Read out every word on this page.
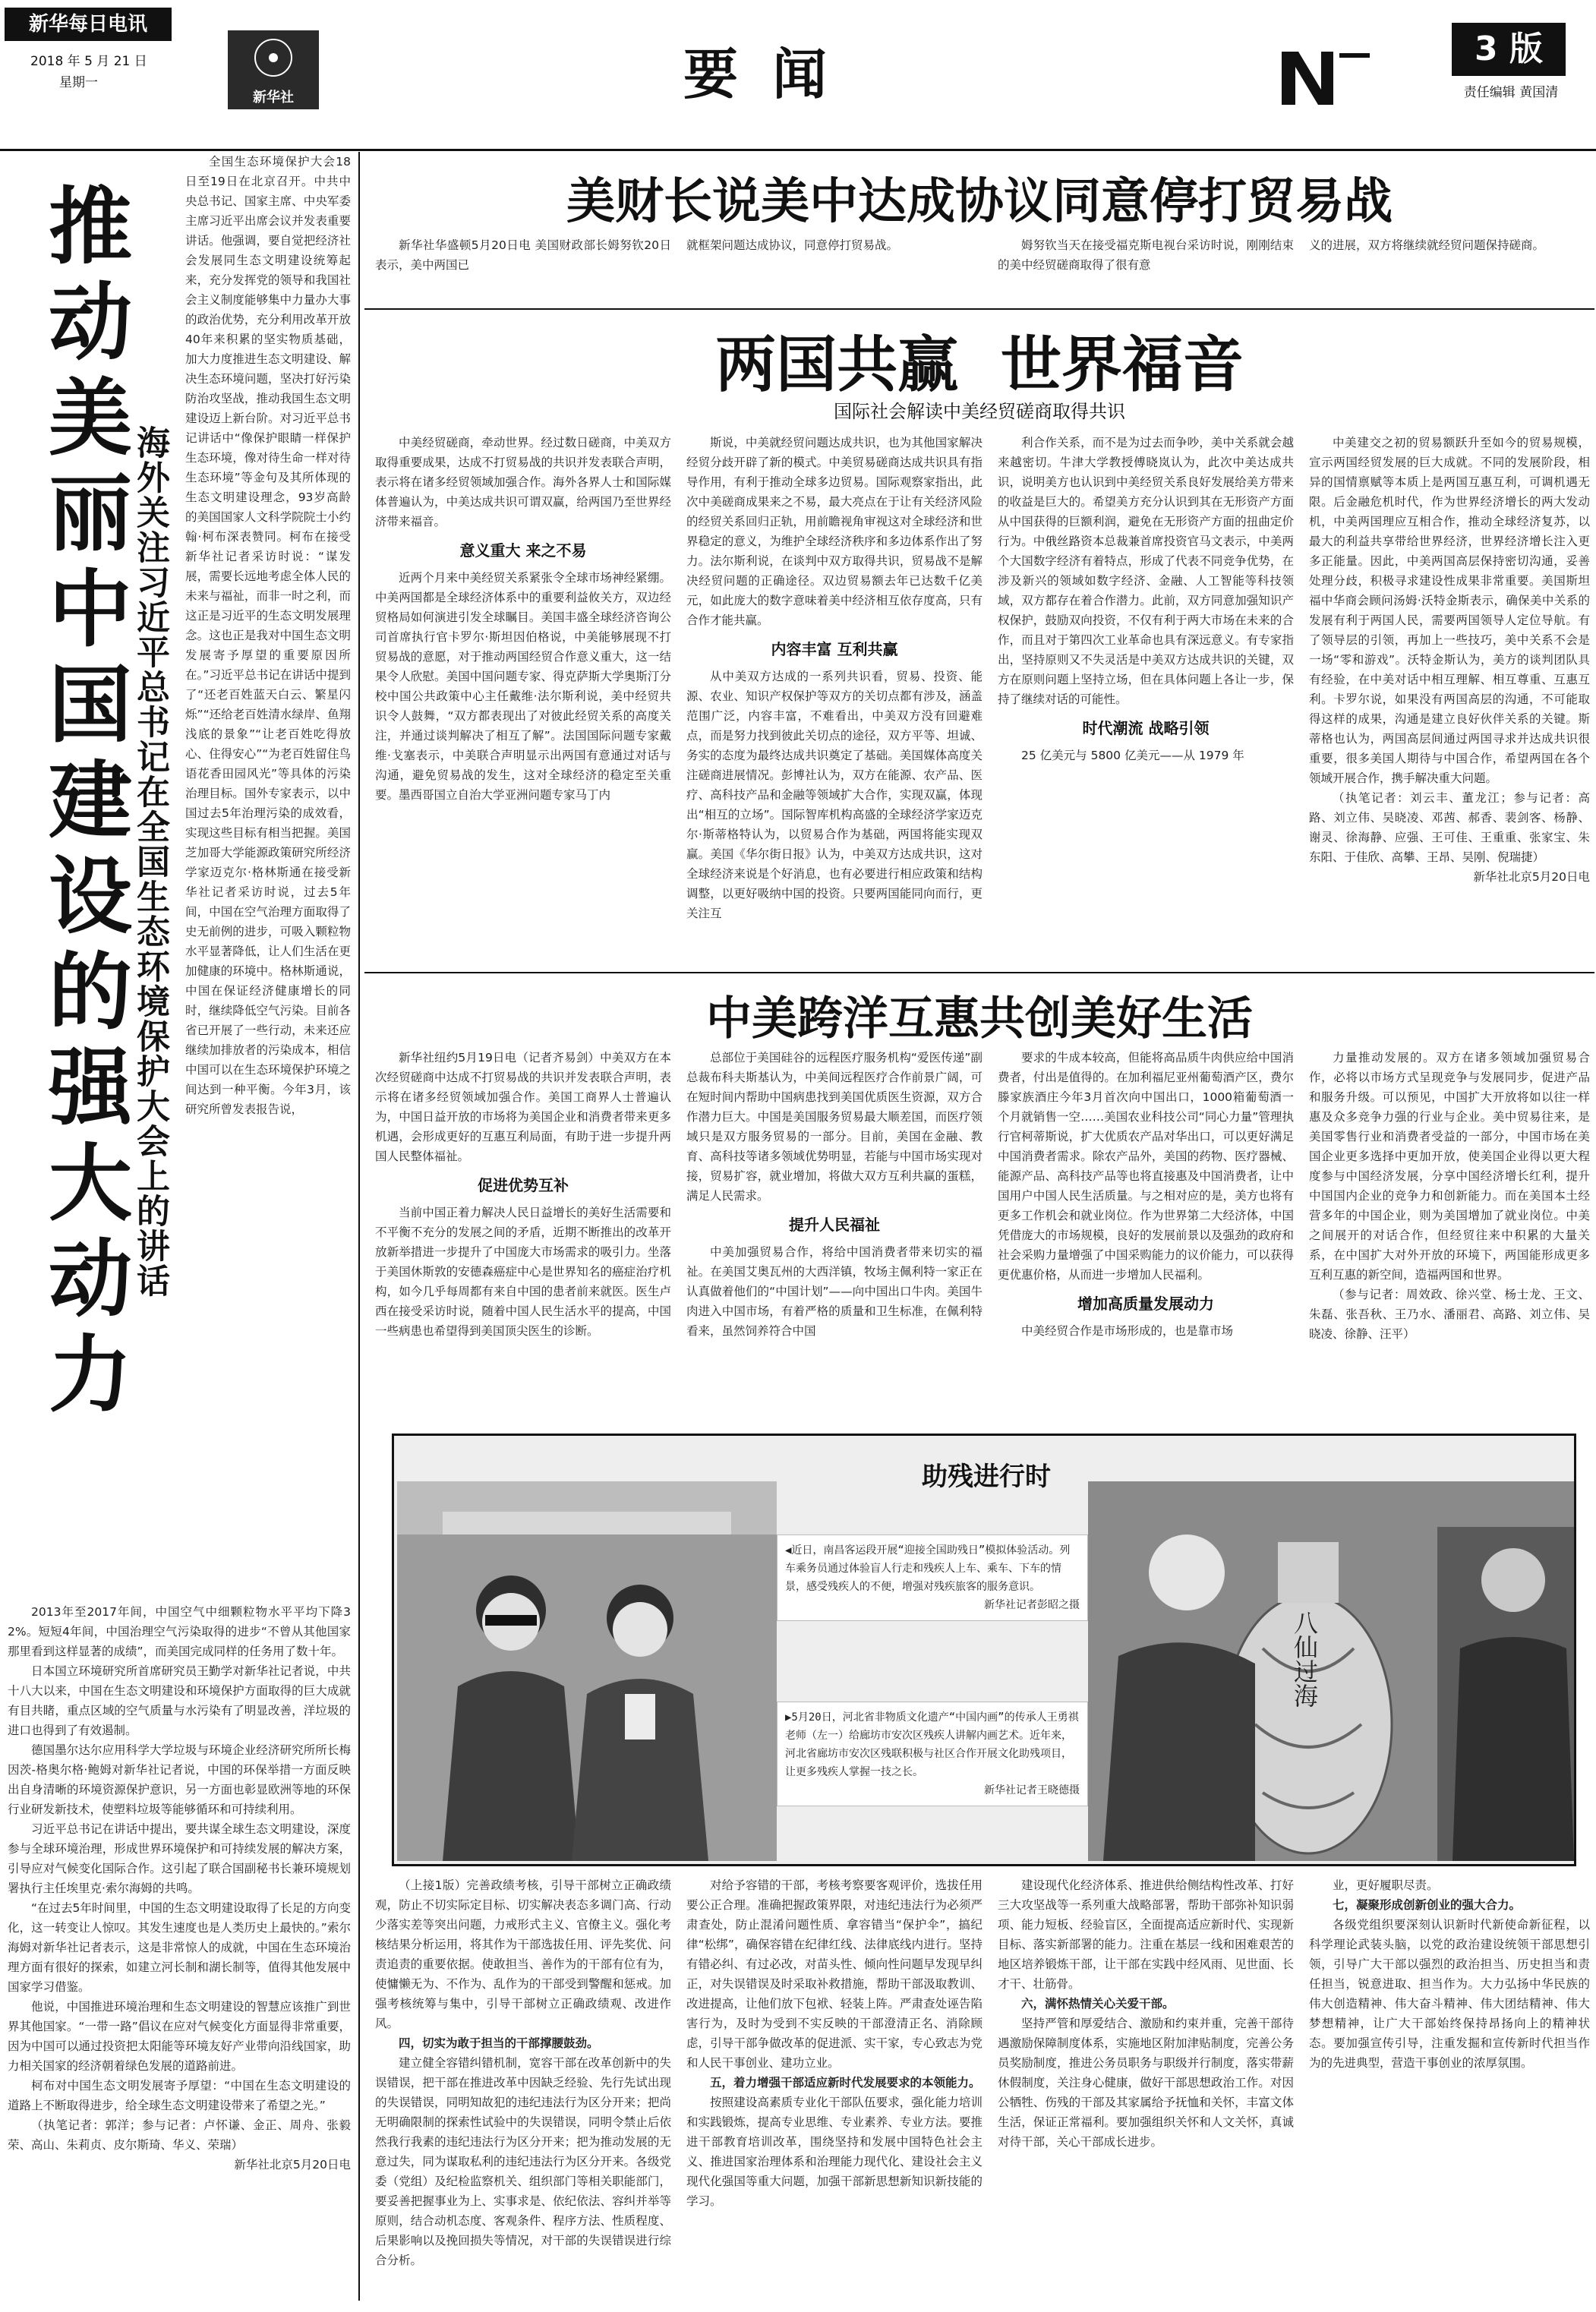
新华每日电讯
2018 年 5 月 21 日
星期一
新华社	要 闻	3 版
责任编辑 黄国清
推动美丽中国建设的强大动力
海外关注习近平总书记在全国生态环境保护大会上的讲话

全国生态环境保护大会18日至19日在北京召开。中共中央总书记、国家主席、中央军委主席习近平出席会议并发表重要讲话。他强调，要自觉把经济社会发展同生态文明建设统筹起来，充分发挥党的领导和我国社会主义制度能够集中力量办大事的政治优势，充分利用改革开放40年来积累的坚实物质基础，加大力度推进生态文明建设、解决生态环境问题，坚决打好污染防治攻坚战，推动我国生态文明建设迈上新台阶。对习近平总书记讲话中“像保护眼睛一样保护生态环境，像对待生命一样对待生态环境”等金句及其所体现的生态文明建设理念，93岁高龄的美国国家人文科学院院士小约翰·柯布深表赞同。柯布在接受新华社记者采访时说：“谋发展，需要长远地考虑全体人民的未来与福祉，而非一时之利，而这正是习近平的生态文明发展理念。这也正是我对中国生态文明发展寄予厚望的重要原因所在。”习近平总书记在讲话中提到了“还老百姓蓝天白云、繁星闪烁”“还给老百姓清水绿岸、鱼翔浅底的景象”“让老百姓吃得放心、住得安心”“为老百姓留住鸟语花香田园风光”等具体的污染治理目标。国外专家表示，以中国过去5年治理污染的成效看，实现这些目标有相当把握。美国芝加哥大学能源政策研究所经济学家迈克尔·格林斯通在接受新华社记者采访时说，过去5年间，中国在空气治理方面取得了史无前例的进步，可吸入颗粒物水平显著降低，让人们生活在更加健康的环境中。格林斯通说，中国在保证经济健康增长的同时，继续降低空气污染。目前各省已开展了一些行动，未来还应继续加排放者的污染成本，相信中国可以在生态环境保护环境之间达到一种平衡。今年3月，该研究所曾发表报告说，

2013年至2017年间，中国空气中细颗粒物水平平均下降32%。短短4年间，中国治理空气污染取得的进步“不曾从其他国家那里看到这样显著的成绩”，而美国完成同样的任务用了数十年。

日本国立环境研究所首席研究员王勤学对新华社记者说，中共十八大以来，中国在生态文明建设和环境保护方面取得的巨大成就有目共睹，重点区域的空气质量与水污染有了明显改善，洋垃圾的进口也得到了有效遏制。

德国墨尔达尔应用科学大学垃圾与环境企业经济研究所所长梅因茨-格奥尔格·鲍姆对新华社记者说，中国的环保举措一方面反映出自身清晰的环境资源保护意识，另一方面也彰显欧洲等地的环保行业研发新技术，使塑料垃圾等能够循环和可持续利用。

习近平总书记在讲话中提出，要共谋全球生态文明建设，深度参与全球环境治理，形成世界环境保护和可持续发展的解决方案，引导应对气候变化国际合作。这引起了联合国副秘书长兼环境规划署执行主任埃里克·索尔海姆的共鸣。

“在过去5年时间里，中国的生态文明建设取得了长足的方向变化，这一转变让人惊叹。其发生速度也是人类历史上最快的。”索尔海姆对新华社记者表示，这是非常惊人的成就，中国在生态环境治理方面有很好的探索，如建立河长制和湖长制等，值得其他发展中国家学习借鉴。

他说，中国推进环境治理和生态文明建设的智慧应该推广到世界其他国家。“一带一路”倡议在应对气候变化方面显得非常重要，因为中国可以通过投资把太阳能等环境友好产业带向沿线国家，助力相关国家的经济朝着绿色发展的道路前进。

柯布对中国生态文明发展寄予厚望：“中国在生态文明建设的道路上不断取得进步，给全球生态文明建设带来了希望之光。”

（执笔记者：郭洋；参与记者：卢怀谦、金正、周舟、张毅荣、高山、朱莉贞、皮尔斯琦、华义、荣瑞）

新华社北京5月20日电

美财长说美中达成协议同意停打贸易战

新华社华盛顿5月20日电 美国财政部长姆努钦20日表示，美中两国已

就框架问题达成协议，同意停打贸易战。	姆努钦当天在接受福克斯电视台采访时说，刚刚结束的美中经贸磋商取得了很有意

义的进展，双方将继续就经贸问题保持磋商。

两国共赢  世界福音
国际社会解读中美经贸磋商取得共识

中美经贸磋商，牵动世界。经过数日磋商，中美双方取得重要成果，达成不打贸易战的共识并发表联合声明，表示将在诸多经贸领域加强合作。海外各界人士和国际媒体普遍认为，中美达成共识可谓双赢，给两国乃至世界经济带来福音。

意义重大 来之不易

近两个月来中美经贸关系紧张令全球市场神经紧绷。中美两国都是全球经济体系中的重要利益攸关方，双边经贸格局如何演进引发全球瞩目。美国丰盛全球经济咨询公司首席执行官卡罗尔·斯坦因伯格说，中美能够展现不打贸易战的意愿，对于推动两国经贸合作意义重大，这一结果令人欣慰。美国中国问题专家、得克萨斯大学奥斯汀分校中国公共政策中心主任戴维·法尔斯利说，美中经贸共识令人鼓舞，“双方都表现出了对彼此经贸关系的高度关注，并通过谈判解决了相互了解”。法国国际问题专家戴维·戈塞表示，中美联合声明显示出两国有意通过对话与沟通，避免贸易战的发生，这对全球经济的稳定至关重要。墨西哥国立自治大学亚洲问题专家马丁内

斯说，中美就经贸问题达成共识，也为其他国家解决经贸分歧开辟了新的模式。中美贸易磋商达成共识具有指导作用，有利于推动全球多边贸易。国际观察家指出，此次中美磋商成果来之不易，最大亮点在于让有关经济风险的经贸关系回归正轨，用前瞻视角审视这对全球经济和世界稳定的意义，为维护全球经济秩序和多边体系作出了努力。法尔斯利说，在谈判中双方取得共识，贸易战不是解决经贸问题的正确途径。双边贸易额去年已达数千亿美元，如此庞大的数字意味着美中经济相互依存度高，只有合作才能共赢。

内容丰富 互利共赢

从中美双方达成的一系列共识看，贸易、投资、能源、农业、知识产权保护等双方的关切点都有涉及，涵盖范围广泛，内容丰富，不难看出，中美双方没有回避难点，而是努力找到彼此关切点的途径，双方平等、坦诚、务实的态度为最终达成共识奠定了基础。美国媒体高度关注磋商进展情况。彭博社认为，双方在能源、农产品、医疗、高科技产品和金融等领域扩大合作，实现双赢，体现出“相互的立场”。国际智库机构高盛的全球经济学家迈克尔·斯蒂格特认为，以贸易合作为基础，两国将能实现双赢。美国《华尔街日报》认为，中美双方达成共识，这对全球经济来说是个好消息，也有必要进行相应政策和结构调整，以更好吸纳中国的投资。只要两国能同向而行，更关注互

利合作关系，而不是为过去而争吵，美中关系就会越来越密切。牛津大学教授傅晓岚认为，此次中美达成共识，说明美方也认识到中美经贸关系良好发展给美方带来的收益是巨大的。希望美方充分认识到其在无形资产方面从中国获得的巨额利润，避免在无形资产方面的扭曲定价行为。中俄丝路资本总裁兼首席投资官马文表示，中美两个大国数字经济有着特点，形成了代表不同竞争优势，在涉及新兴的领域如数字经济、金融、人工智能等科技领域，双方都存在着合作潜力。此前，双方同意加强知识产权保护，鼓励双向投资，不仅有利于两大市场在未来的合作，而且对于第四次工业革命也具有深远意义。有专家指出，坚持原则又不失灵活是中美双方达成共识的关键，双方在原则问题上坚持立场，但在具体问题上各让一步，保持了继续对话的可能性。

时代潮流 战略引领

25 亿美元与 5800 亿美元——从 1979 年

中美建交之初的贸易额跃升至如今的贸易规模，宣示两国经贸发展的巨大成就。不同的发展阶段，相异的国情禀赋等本质上是两国互惠互利，可调机遇无限。后金融危机时代，作为世界经济增长的两大发动机，中美两国理应互相合作，推动全球经济复苏，以最大的利益共享带给世界经济，世界经济增长注入更多正能量。因此，中美两国高层保持密切沟通，妥善处理分歧，积极寻求建设性成果非常重要。美国斯坦福中华商会顾问汤姆·沃特金斯表示，确保美中关系的发展有利于两国人民，需要两国领导人定位导航。有了领导层的引领，再加上一些技巧，美中关系不会是一场“零和游戏”。沃特金斯认为，美方的谈判团队具有经验，在中美对话中相互理解、相互尊重、互惠互利。卡罗尔说，如果没有两国高层的沟通，不可能取得这样的成果，沟通是建立良好伙伴关系的关键。斯蒂格也认为，两国高层间通过两国寻求并达成共识很重要，很多美国人期待与中国合作，希望两国在各个领域开展合作，携手解决重大问题。

（执笔记者：刘云丰、董龙江；参与记者：高路、刘立伟、吴晓凌、邓茜、郝香、裴剑客、杨静、谢灵、徐海静、应强、王可佳、王重重、张家宝、朱东阳、于佳欣、高攀、王昂、吴刚、倪瑞捷）

新华社北京5月20日电

中美跨洋互惠共创美好生活

新华社纽约5月19日电（记者齐易剑）中美双方在本次经贸磋商中达成不打贸易战的共识并发表联合声明，表示将在诸多经贸领域加强合作。美国工商界人士普遍认为，中国日益开放的市场将为美国企业和消费者带来更多机遇，会形成更好的互惠互利局面，有助于进一步提升两国人民整体福祉。

促进优势互补

当前中国正着力解决人民日益增长的美好生活需要和不平衡不充分的发展之间的矛盾，近期不断推出的改革开放新举措进一步提升了中国庞大市场需求的吸引力。坐落于美国休斯敦的安德森癌症中心是世界知名的癌症治疗机构，如今几乎每周都有来自中国的患者前来就医。医生卢西在接受采访时说，随着中国人民生活水平的提高，中国一些病患也希望得到美国顶尖医生的诊断。

总部位于美国硅谷的远程医疗服务机构“爱医传递”副总裁布科夫斯基认为，中美间远程医疗合作前景广阔，可在短时间内帮助中国病患找到美国优质医生资源，双方合作潜力巨大。中国是美国服务贸易最大顺差国，而医疗领域只是双方服务贸易的一部分。目前，美国在金融、教育、高科技等诸多领域优势明显，若能与中国市场实现对接，贸易扩容，就业增加，将做大双方互利共赢的蛋糕，满足人民需求。

提升人民福祉

中美加强贸易合作，将给中国消费者带来切实的福祉。在美国艾奥瓦州的大西洋镇，牧场主佩利特一家正在认真做着他们的“中国计划”——向中国出口牛肉。美国牛肉进入中国市场，有着严格的质量和卫生标准，在佩利特看来，虽然饲养符合中国

要求的牛成本较高，但能将高品质牛肉供应给中国消费者，付出是值得的。在加利福尼亚州葡萄酒产区，费尔滕家族酒庄今年3月首次向中国出口，1000箱葡萄酒一个月就销售一空……美国农业科技公司“同心力量”管理执行官柯蒂斯说，扩大优质农产品对华出口，可以更好满足中国消费者需求。除农产品外，美国的药物、医疗器械、能源产品、高科技产品等也将直接惠及中国消费者，让中国用户中国人民生活质量。与之相对应的是，美方也将有更多工作机会和就业岗位。作为世界第二大经济体，中国凭借庞大的市场规模，良好的发展前景以及强劲的政府和社会采购力量增强了中国采购能力的议价能力，可以获得更优惠价格，从而进一步增加人民福利。

增加高质量发展动力

中美经贸合作是市场形成的，也是靠市场

力量推动发展的。双方在诸多领域加强贸易合作，必将以市场方式呈现竞争与发展同步，促进产品和服务升级。可以预见，中国扩大开放将如以往一样惠及众多竞争力强的行业与企业。美中贸易往来，是美国零售行业和消费者受益的一部分，中国市场在美国企业更多选择中更加开放，使美国企业得以更大程度参与中国经济发展，分享中国经济增长红利，提升中国国内企业的竞争力和创新能力。而在美国本土经营多年的中国企业，则为美国增加了就业岗位。中美之间展开的对话合作，但经贸往来中积累的大量关系，在中国扩大对外开放的环境下，两国能形成更多互利互惠的新空间，造福两国和世界。

（参与记者：周效政、徐兴堂、杨士龙、王文、朱磊、张吾秋、王乃水、潘丽君、高路、刘立伟、吴晓凌、徐静、汪平）

助残进行时

◀近日，南昌客运段开展“迎接全国助残日”模拟体验活动。列车乘务员通过体验盲人行走和残疾人上车、乘车、下车的情景，感受残疾人的不便，增强对残疾旅客的服务意识。

新华社记者彭昭之摄

▶5月20日，河北省非物质文化遗产“中国内画”的传承人王勇祺老师（左一）给廊坊市安次区残疾人讲解内画艺术。近年来，河北省廊坊市安次区残联积极与社区合作开展文化助残项目，让更多残疾人掌握一技之长。

新华社记者王晓德摄

八仙过海

（上接1版）完善政绩考核，引导干部树立正确政绩观，防止不切实际定目标、切实解决表态多调门高、行动少落实差等突出问题，力戒形式主义、官僚主义。强化考核结果分析运用，将其作为干部选拔任用、评先奖优、问责追责的重要依据。使敢担当、善作为的干部有位有为，使慵懒无为、不作为、乱作为的干部受到警醒和惩戒。加强考核统筹与集中，引导干部树立正确政绩观、改进作风。

四，切实为敢于担当的干部撑腰鼓劲。

建立健全容错纠错机制，宽容干部在改革创新中的失误错误，把干部在推进改革中因缺乏经验、先行先试出现的失误错误，同明知故犯的违纪违法行为区分开来；把尚无明确限制的探索性试验中的失误错误，同明令禁止后依然我行我素的违纪违法行为区分开来；把为推动发展的无意过失，同为谋取私利的违纪违法行为区分开来。各级党委（党组）及纪检监察机关、组织部门等相关职能部门，要妥善把握事业为上、实事求是、依纪依法、容纠并举等原则，结合动机态度、客观条件、程序方法、性质程度、后果影响以及挽回损失等情况，对干部的失误错误进行综合分析。

对给予容错的干部，考核考察要客观评价，选拔任用要公正合理。准确把握政策界限，对违纪违法行为必须严肃查处，防止混淆问题性质、拿容错当“保护伞”，搞纪律“松绑”，确保容错在纪律红线、法律底线内进行。坚持有错必纠、有过必改，对苗头性、倾向性问题早发现早纠正，对失误错误及时采取补救措施，帮助干部汲取教训、改进提高，让他们放下包袱、轻装上阵。严肃查处诬告陷害行为，及时为受到不实反映的干部澄清正名、消除顾虑，引导干部争做改革的促进派、实干家，专心致志为党和人民干事创业、建功立业。

五，着力增强干部适应新时代发展要求的本领能力。

按照建设高素质专业化干部队伍要求，强化能力培训和实践锻炼，提高专业思维、专业素养、专业方法。要推进干部教育培训改革，围绕坚持和发展中国特色社会主义、推进国家治理体系和治理能力现代化、建设社会主义现代化强国等重大问题，加强干部新思想新知识新技能的学习。

建设现代化经济体系、推进供给侧结构性改革、打好三大攻坚战等一系列重大战略部署，帮助干部弥补知识弱项、能力短板、经验盲区，全面提高适应新时代、实现新目标、落实新部署的能力。注重在基层一线和困难艰苦的地区培养锻炼干部，让干部在实践中经风雨、见世面、长才干、壮筋骨。

六，满怀热情关心关爱干部。

坚持严管和厚爱结合、激励和约束并重，完善干部待遇激励保障制度体系，实施地区附加津贴制度，完善公务员奖励制度，推进公务员职务与职级并行制度，落实带薪休假制度，关注身心健康，做好干部思想政治工作。对因公牺牲、伤残的干部及其家属给予抚恤和关怀，丰富文体生活，保证正常福利。要加强组织关怀和人文关怀，真诚对待干部，关心干部成长进步。

业，更好履职尽责。

七，凝聚形成创新创业的强大合力。

各级党组织要深刻认识新时代新使命新征程，以科学理论武装头脑，以党的政治建设统领干部思想引领，引导广大干部以强烈的政治担当、历史担当和责任担当，锐意进取、担当作为。大力弘扬中华民族的伟大创造精神、伟大奋斗精神、伟大团结精神、伟大梦想精神，让广大干部始终保持昂扬向上的精神状态。要加强宣传引导，注重发掘和宣传新时代担当作为的先进典型，营造干事创业的浓厚氛围。
